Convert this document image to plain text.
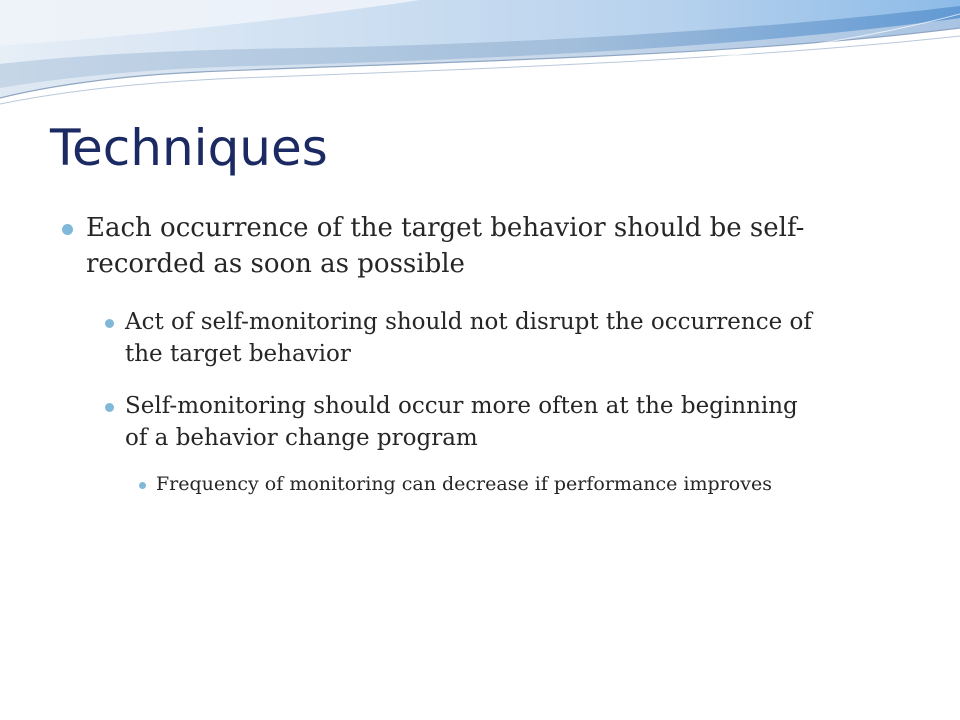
Techniques
Each occurrence of the target behavior should be self-recorded as soon as possible
Act of self-monitoring should not disrupt the occurrence of the target behavior
Self-monitoring should occur more often at the beginning of a behavior change program
Frequency of monitoring can decrease if performance improves
